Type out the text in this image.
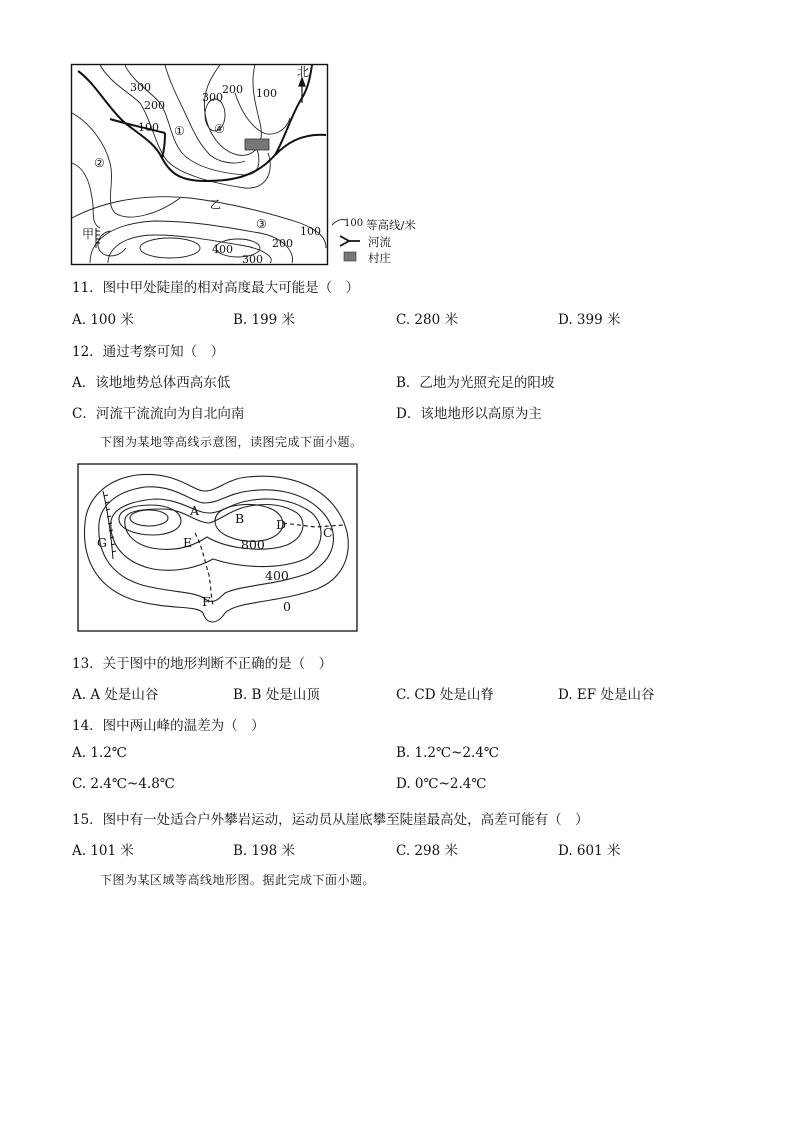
300
200
100
300
200 100
①
②
③
④
乙
甲
400
300
200
100
北
100 等高线/米
河流
村庄
11．图中甲处陡崖的相对高度最大可能是（　）
A. 100 米	B. 199 米	C. 280 米	D. 399 米
12．通过考察可知（　）
A．该地地势总体西高东低	B．乙地为光照充足的阳坡
C．河流干流流向为自北向南	D．该地地形以高原为主
下图为某地等高线示意图，读图完成下面小题。
A
B
C
D
E
F
G	800
400
0
13．关于图中的地形判断不正确的是（　）
A. A 处是山谷	B. B 处是山顶	C. CD 处是山脊	D. EF 处是山谷
14．图中两山峰的温差为（　）
A. 1.2℃	B. 1.2℃~2.4℃
C. 2.4℃~4.8℃	D. 0℃~2.4℃
15．图中有一处适合户外攀岩运动，运动员从崖底攀至陡崖最高处，高差可能有（　）
A. 101 米	B. 198 米	C. 298 米	D. 601 米
下图为某区域等高线地形图。据此完成下面小题。
